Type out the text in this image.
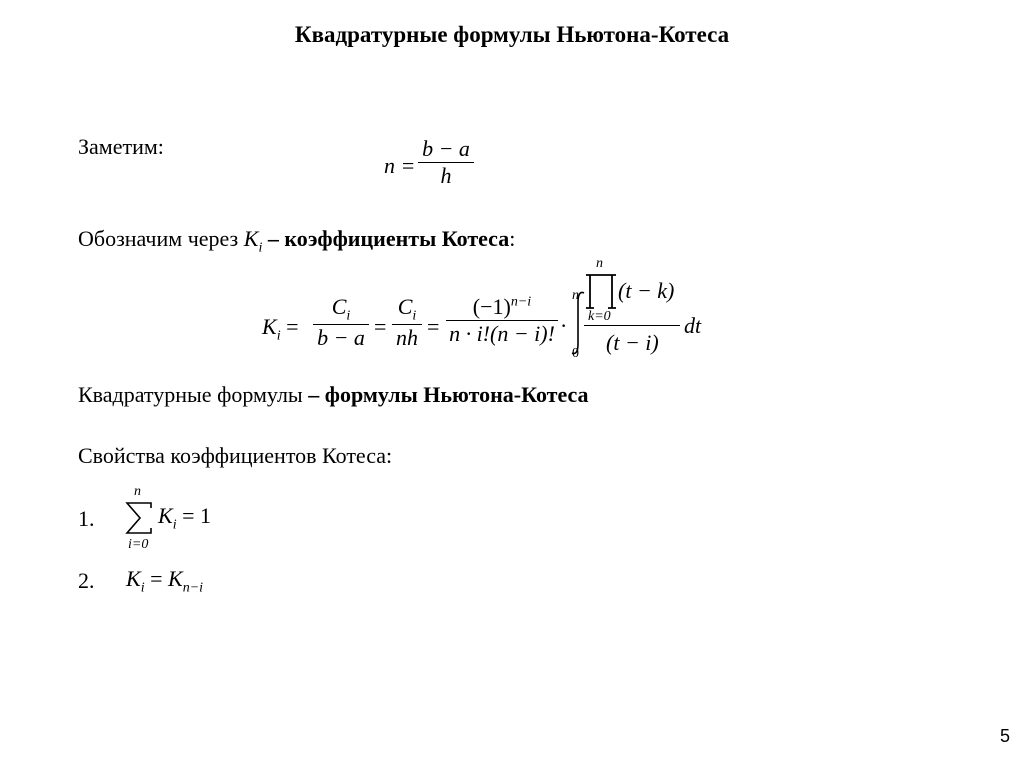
Квадратурные формулы Ньютона-Котеса
Заметим:
n =
b − a
h
Обозначим через $K_i$ – коэффициенты Котеса:
$K_i$ =
$C_i$
b − a =
$C_i$
nh =
$(-1)^{n-i}$
n · i!(n − i)! ·
n
0
n
k=0
(t − k)
(t − i)
dt
Квадратурные формулы – формулы Ньютона-Котеса
Свойства коэффициентов Котеса:
1.
n
i=0
$K_i = 1$
2. $K_i = K_{n-i}$
5
